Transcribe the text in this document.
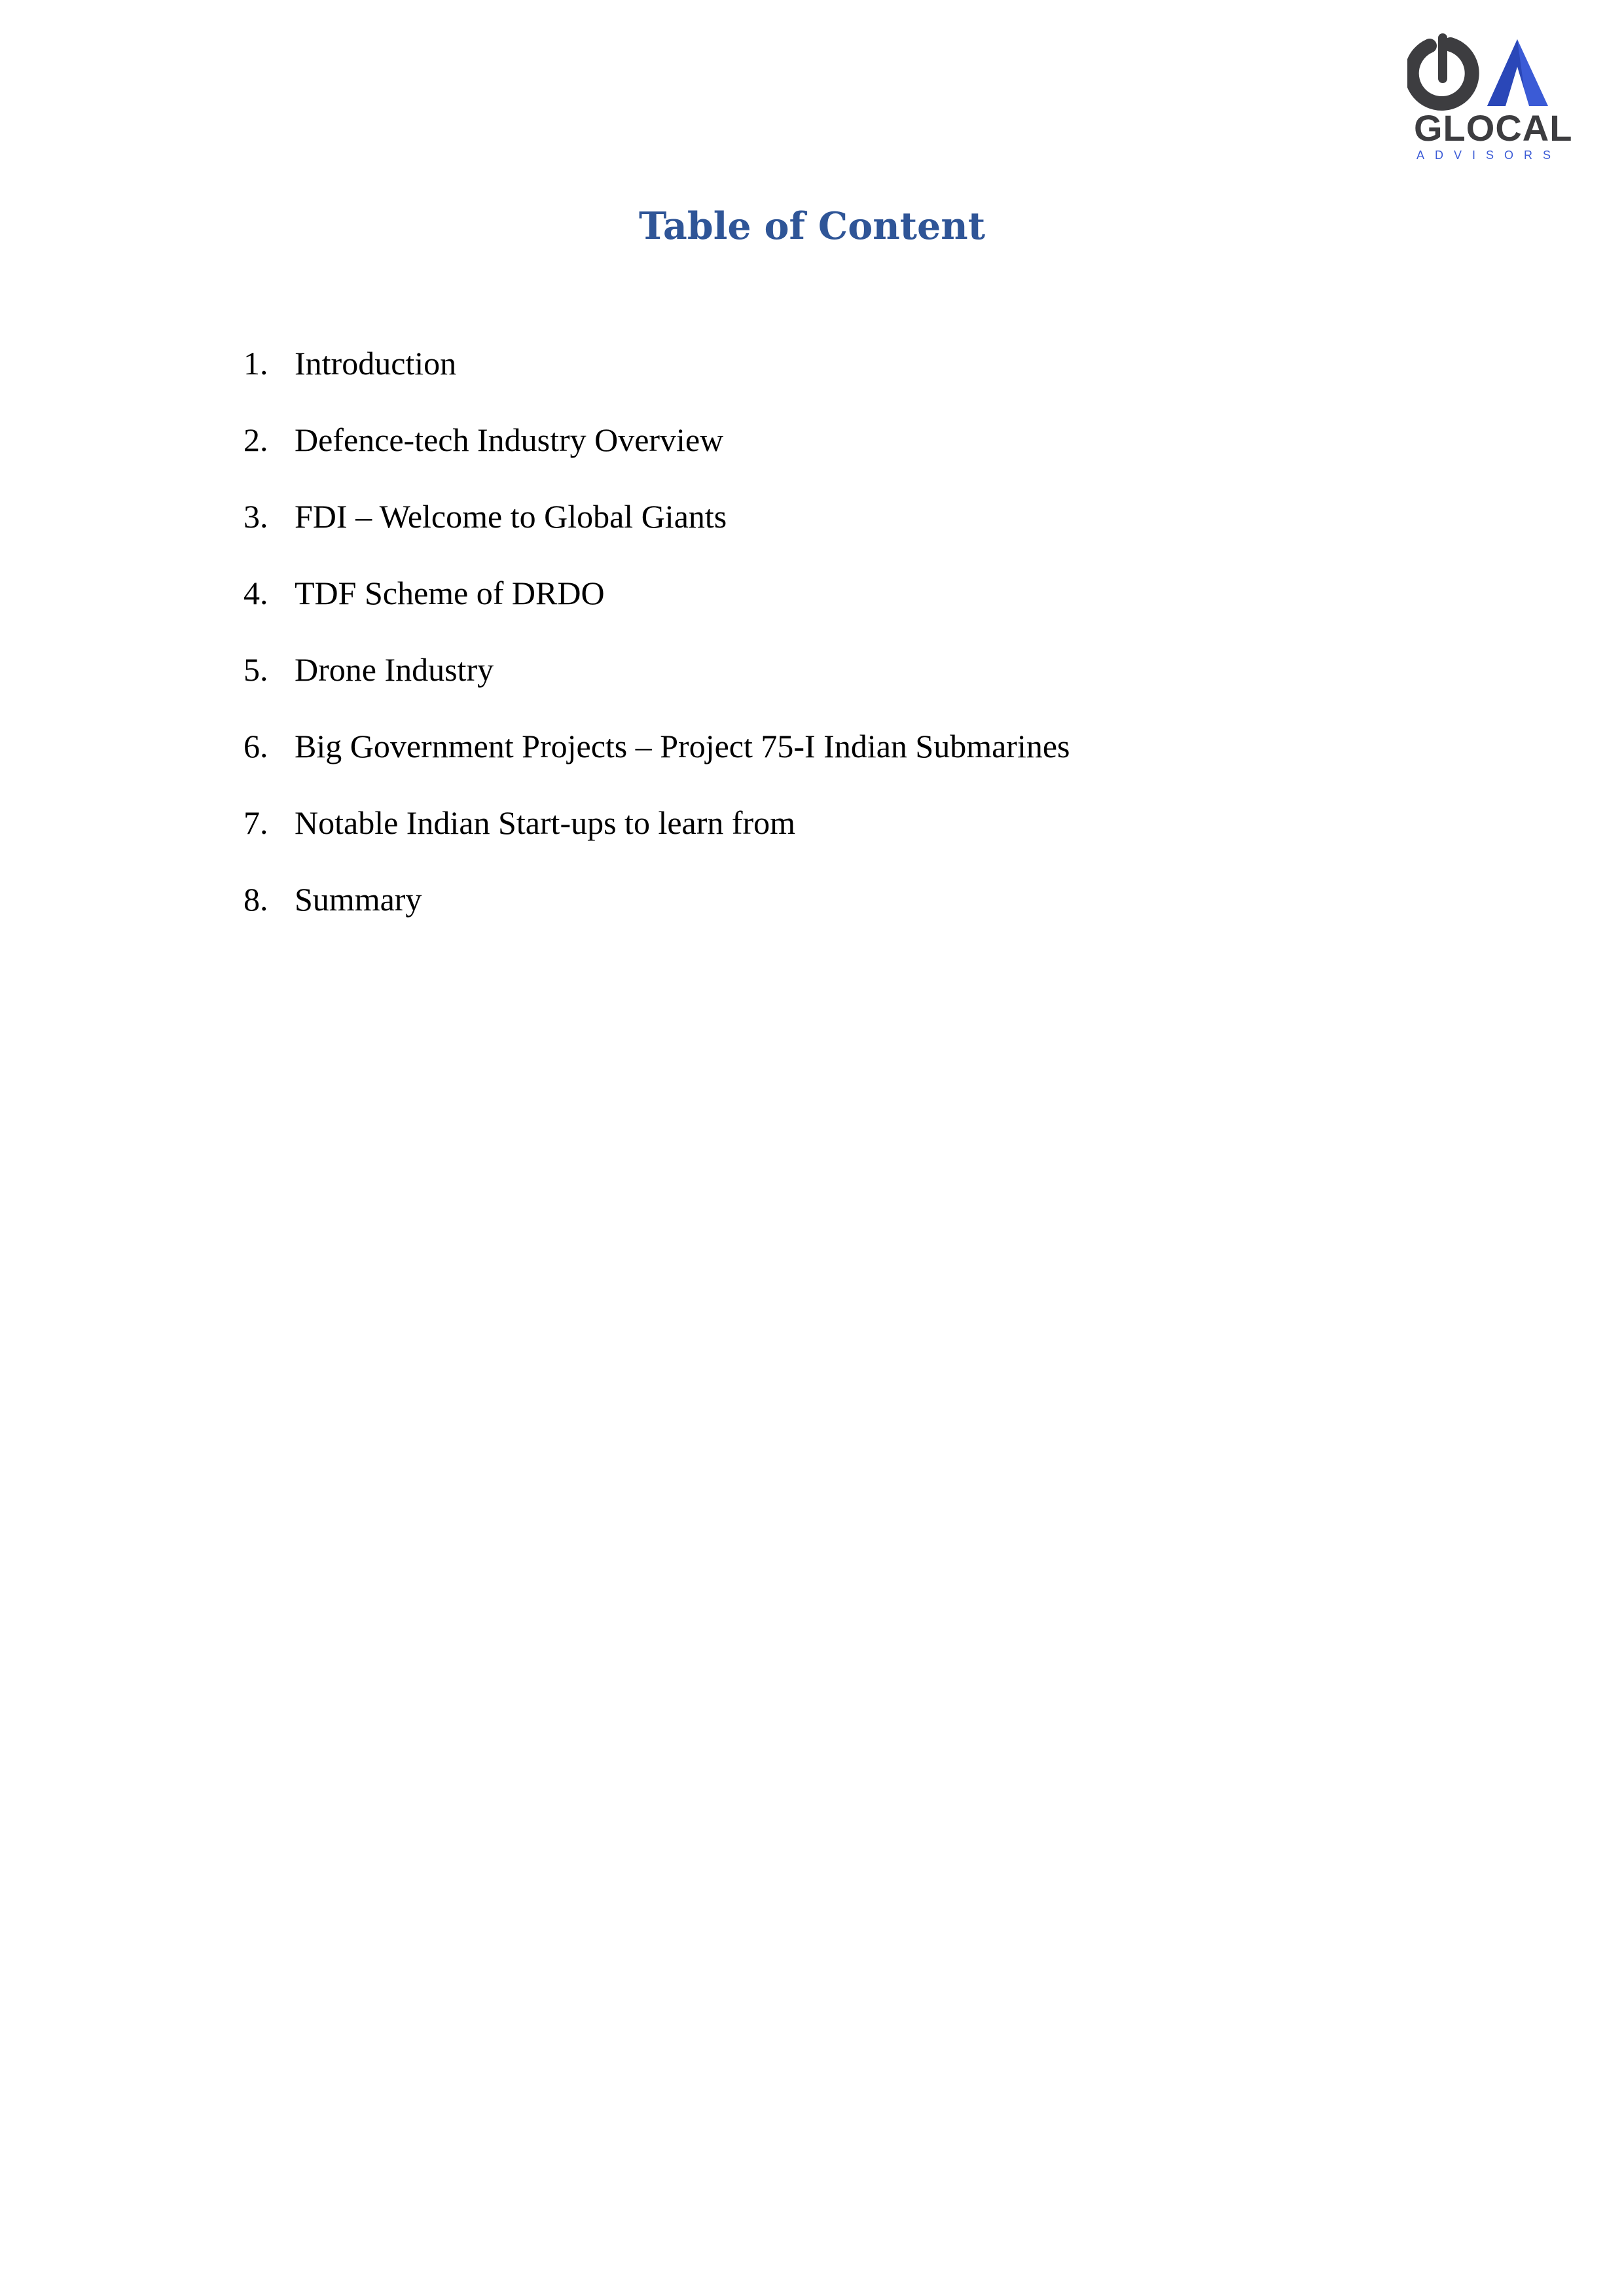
GLOCAL
ADVISORS
Table of Content
1. Introduction
2. Defence-tech Industry Overview
3. FDI – Welcome to Global Giants
4. TDF Scheme of DRDO
5. Drone Industry
6. Big Government Projects – Project 75-I Indian Submarines
7. Notable Indian Start-ups to learn from
8. Summary
